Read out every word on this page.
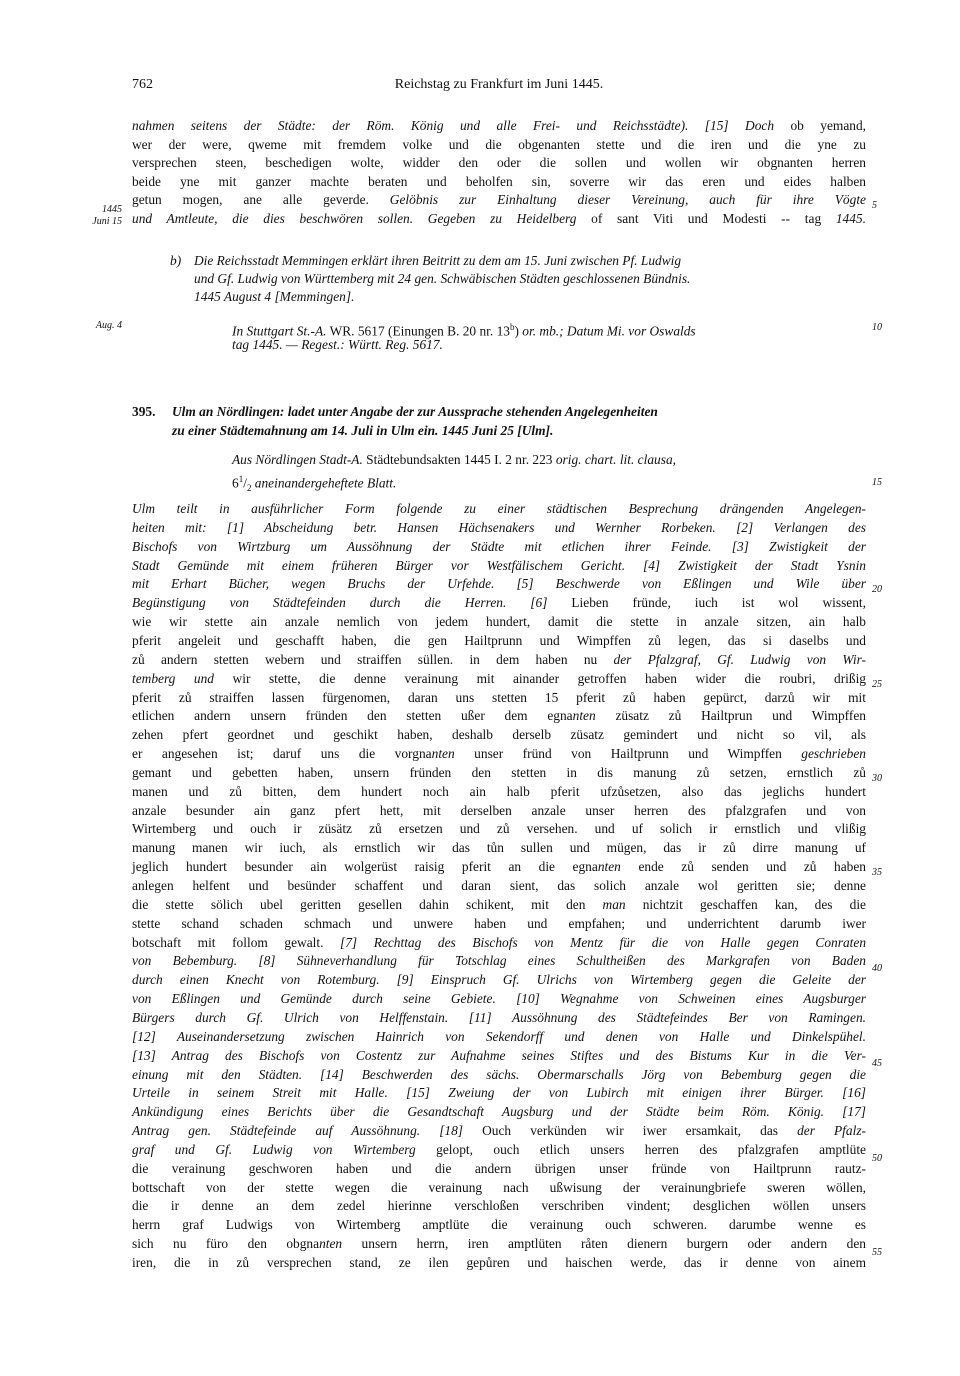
762	Reichstag zu Frankfurt im Juni 1445.
1445
Juni 15
Aug. 4
5
10
15
20
25
30
35
40
45
50
55
nahmen seitens der Städte: der Röm. König und alle Frei- und Reichsstädte). [15] Doch ob yemand,
wer der were, qweme mit fremdem volke und die obgenanten stette und die iren und die yne zu
versprechen steen, beschedigen wolte, widder den oder die sollen und wollen wir obgnanten herren
beide yne mit ganzer machte beraten und beholfen sin, soverre wir das eren und eides halben
getun mogen, ane alle geverde. Gelöbnis zur Einhaltung dieser Vereinung, auch für ihre Vögte
und Amtleute, die dies beschwören sollen. Gegeben zu Heidelberg of sant Viti und Modesti -- tag 1445.
b) Die Reichsstadt Memmingen erklärt ihren Beitritt zu dem am 15. Juni zwischen Pf. Ludwig
und Gf. Ludwig von Württemberg mit 24 gen. Schwäbischen Städten geschlossenen Bündnis.
1445 August 4 [Memmingen].
In Stuttgart St.-A. WR. 5617 (Einungen B. 20 nr. 13$^b$) or. mb.; Datum Mi. vor Oswalds
tag 1445. — Regest.: Württ. Reg. 5617.
395. Ulm an Nördlingen: ladet unter Angabe der zur Aussprache stehenden Angelegenheiten
zu einer Städtemahnung am 14. Juli in Ulm ein. 1445 Juni 25 [Ulm].
Aus Nördlingen Stadt-A. Städtebundsakten 1445 I. 2 nr. 223 orig. chart. lit. clausa,
$6^1/_2$ aneinandergeheftete Blatt.
Ulm teilt in ausführlicher Form folgende zu einer städtischen Besprechung drängenden Angelegen-
heiten mit: [1] Abscheidung betr. Hansen Hächsenakers und Wernher Rorbeken. [2] Verlangen des
Bischofs von Wirtzburg um Aussöhnung der Städte mit etlichen ihrer Feinde. [3] Zwistigkeit der
Stadt Gemünde mit einem früheren Bürger vor Westfälischem Gericht. [4] Zwistigkeit der Stadt Ysnin
mit Erhart Bücher, wegen Bruchs der Urfehde. [5] Beschwerde von Eßlingen und Wile über
Begünstigung von Städtefeinden durch die Herren. [6] Lieben fründe, iuch ist wol wissent,
wie wir stette ain anzale nemlich von jedem hundert, damit die stette in anzale sitzen, ain halb
pferit angeleit und geschafft haben, die gen Hailtprunn und Wimpffen zů legen, das si daselbs und
zů andern stetten webern und straiffen süllen. in dem haben nu der Pfalzgraf, Gf. Ludwig von Wir-
temberg und wir stette, die denne verainung mit ainander getroffen haben wider die roubri, drißig
pferit zů straiffen lassen fürgenomen, daran uns stetten 15 pferit zů haben gepürct, darzů wir mit
etlichen andern unsern fründen den stetten ußer dem egnanten züsatz zů Hailtprun und Wimpffen
zehen pfert geordnet und geschikt haben, deshalb derselb züsatz gemindert und nicht so vil, als
er angesehen ist; daruf uns die vorgnanten unser fründ von Hailtprunn und Wimpffen geschrieben
gemant und gebetten haben, unsern fründen den stetten in dis manung zů setzen, ernstlich zů
manen und zů bitten, dem hundert noch ain halb pferit ufzůsetzen, also das jeglichs hundert
anzale besunder ain ganz pfert hett, mit derselben anzale unser herren des pfalzgrafen und von
Wirtemberg und ouch ir züsätz zů ersetzen und zů versehen. und uf solich ir ernstlich und vlißig
manung manen wir iuch, als ernstlich wir das tůn sullen und mügen, das ir zů dirre manung uf
jeglich hundert besunder ain wolgerüst raisig pferit an die egnanten ende zů senden und zů haben
anlegen helfent und besünder schaffent und daran sient, das solich anzale wol geritten sie; denne
die stette sölich ubel geritten gesellen dahin schikent, mit den man nichtzit geschaffen kan, des die
stette schand schaden schmach und unwere haben und empfahen; und underrichtent darumb iwer
botschaft mit follom gewalt. [7] Rechttag des Bischofs von Mentz für die von Halle gegen Conraten
von Bebemburg. [8] Sühneverhandlung für Totschlag eines Schultheißen des Markgrafen von Baden
durch einen Knecht von Rotemburg. [9] Einspruch Gf. Ulrichs von Wirtemberg gegen die Geleite der
von Eßlingen und Gemünde durch seine Gebiete. [10] Wegnahme von Schweinen eines Augsburger
Bürgers durch Gf. Ulrich von Helffenstain. [11] Aussöhnung des Städtefeindes Ber von Ramingen.
[12] Auseinandersetzung zwischen Hainrich von Sekendorff und denen von Halle und Dinkelspühel.
[13] Antrag des Bischofs von Costentz zur Aufnahme seines Stiftes und des Bistums Kur in die Ver-
einung mit den Städten. [14] Beschwerden des sächs. Obermarschalls Jörg von Bebemburg gegen die
Urteile in seinem Streit mit Halle. [15] Zweiung der von Lubirch mit einigen ihrer Bürger. [16]
Ankündigung eines Berichts über die Gesandtschaft Augsburg und der Städte beim Röm. König. [17]
Antrag gen. Städtefeinde auf Aussöhnung. [18] Ouch verkünden wir iwer ersamkait, das der Pfalz-
graf und Gf. Ludwig von Wirtemberg gelopt, ouch etlich unsers herren des pfalzgrafen amptlüte
die verainung geschworen haben und die andern übrigen unser fründe von Hailtprunn rautz-
bottschaft von der stette wegen die verainung nach ußwisung der verainungbriefe sweren wöllen,
die ir denne an dem zedel hierinne verschloßen verschriben vindent; desglichen wöllen unsers
herrn graf Ludwigs von Wirtemberg amptlüte die verainung ouch schweren. darumbe wenne es
sich nu füro den obgnanten unsern herrn, iren amptlüten råten dienern burgern oder andern den
iren, die in zů versprechen stand, ze ilen gepůren und haischen werde, das ir denne von ainem
